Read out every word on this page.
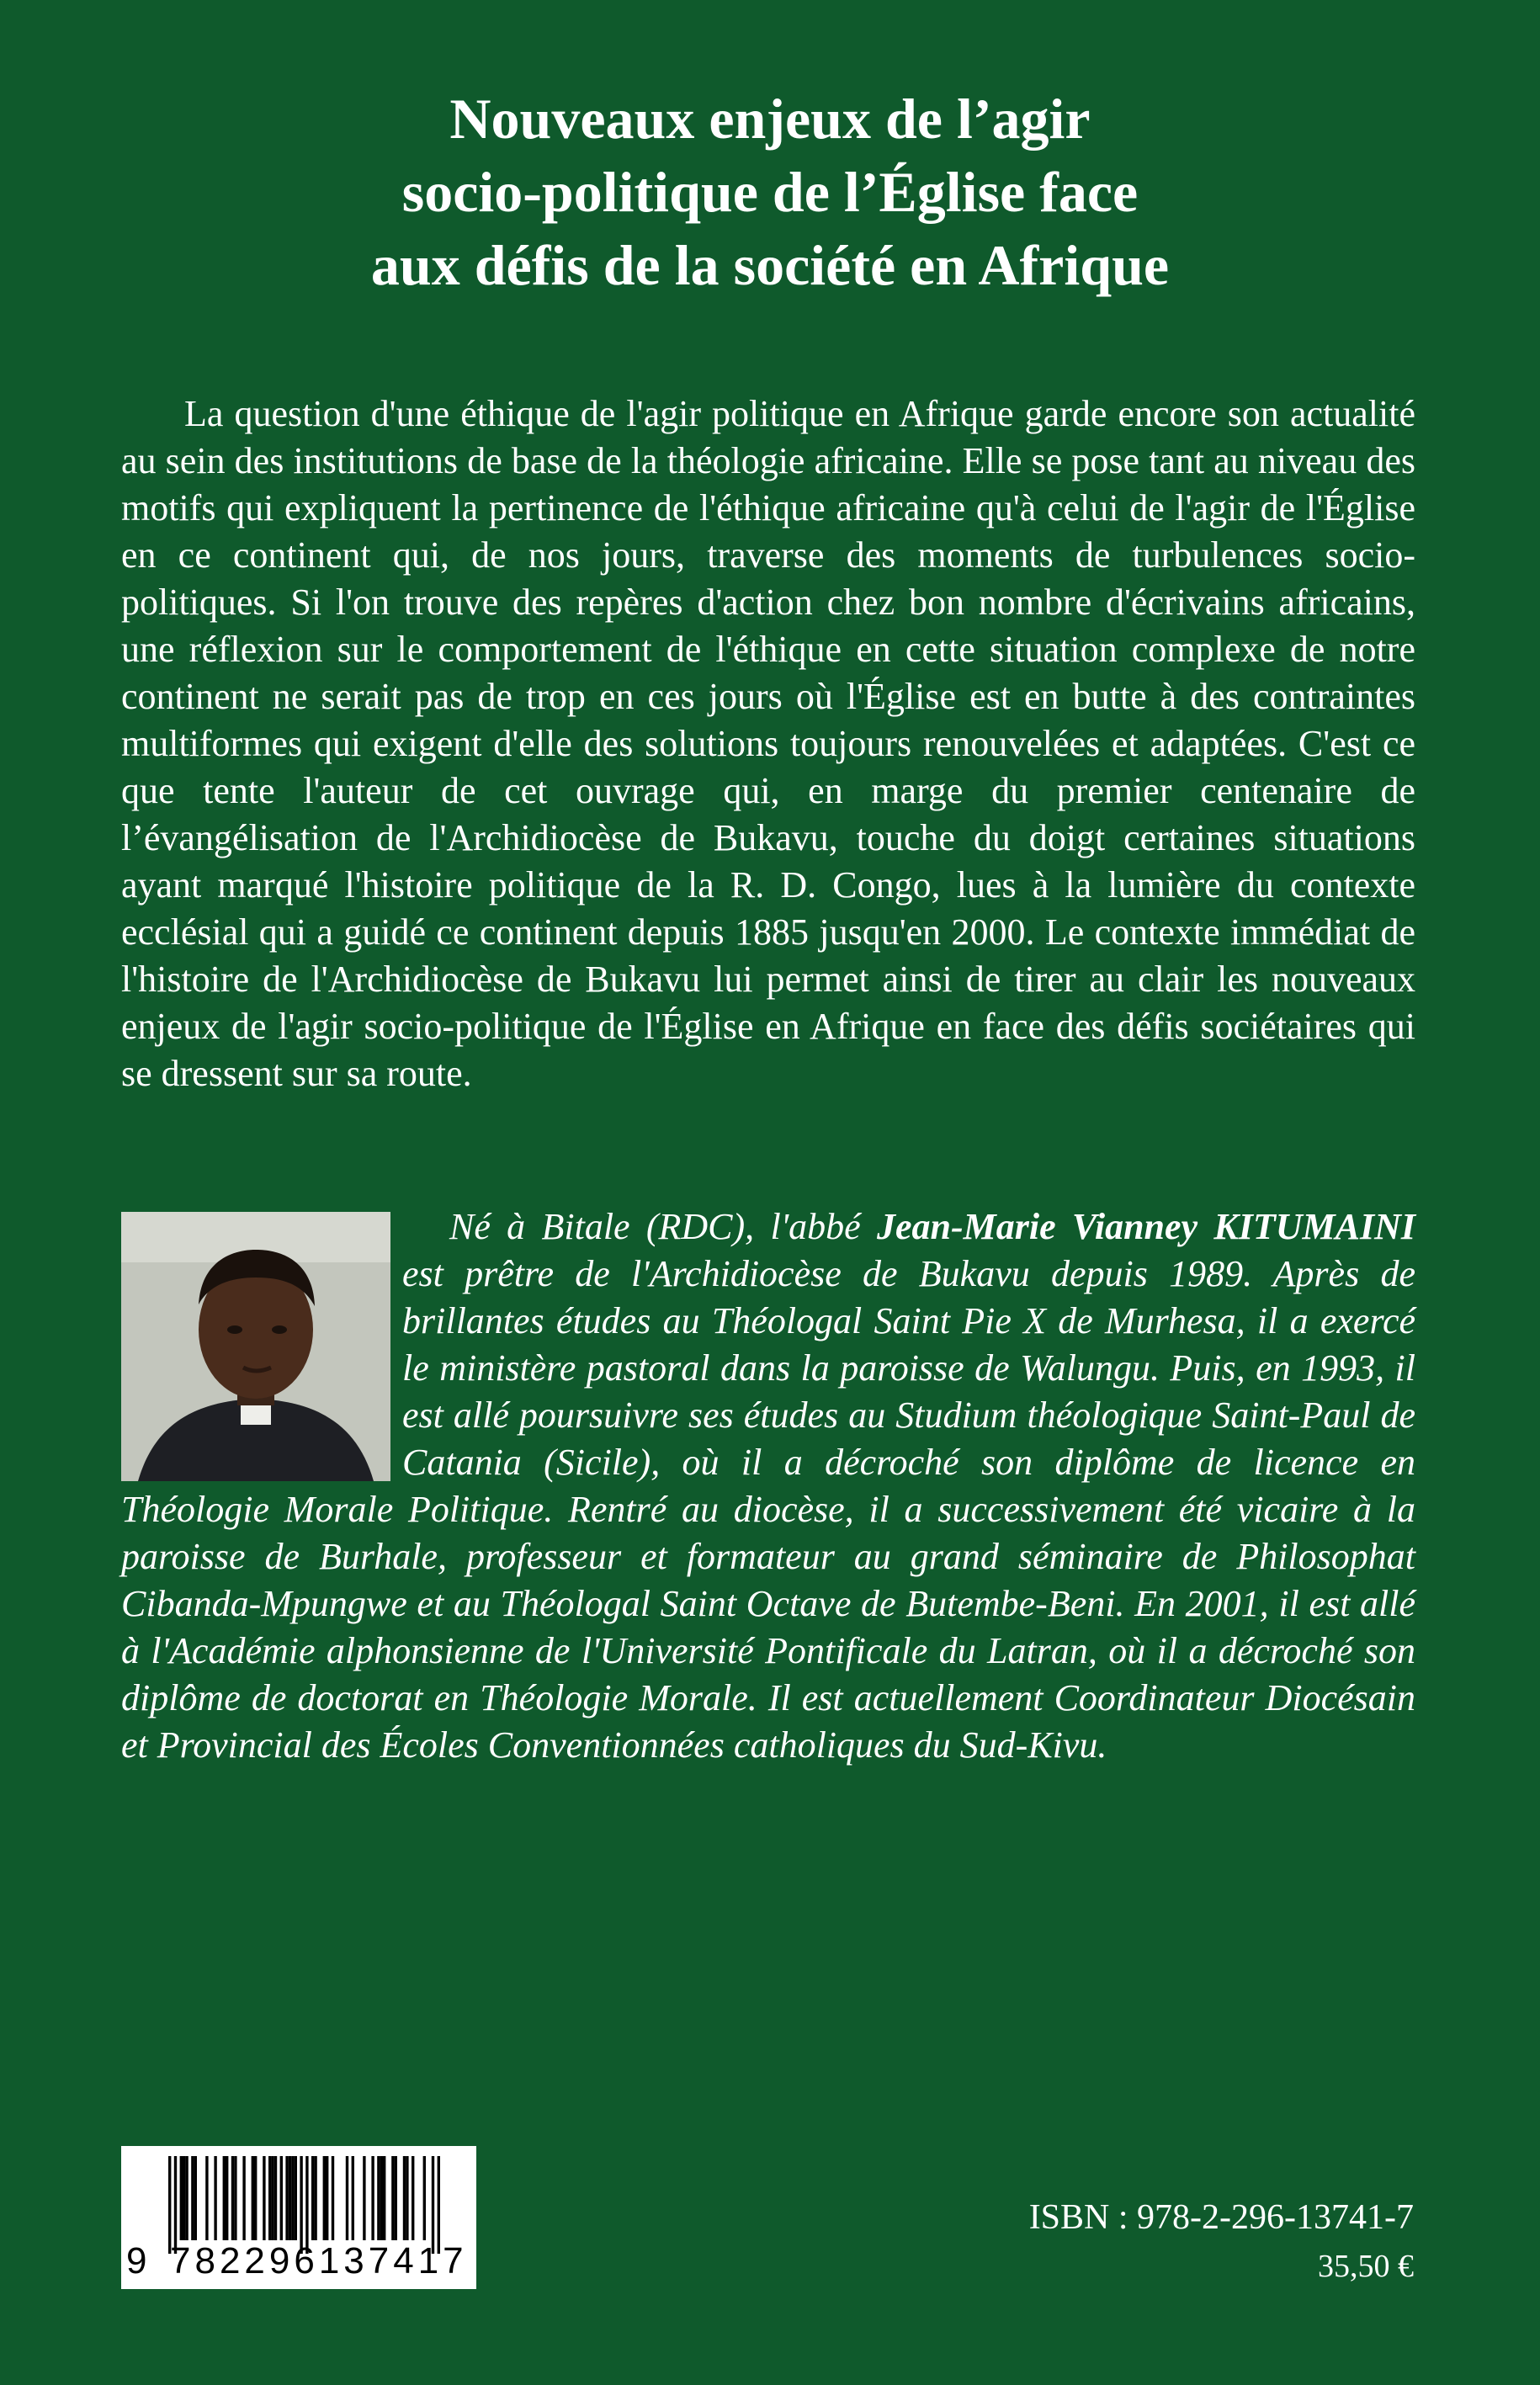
Nouveaux enjeux de l’agir
socio-politique de l’Église face
aux défis de la société en Afrique

La question d'une éthique de l'agir politique en Afrique garde encore son actualité au sein des institutions de base de la théologie africaine. Elle se pose tant au niveau des motifs qui expliquent la pertinence de l'éthique africaine qu'à celui de l'agir de l'Église en ce continent qui, de nos jours, traverse des moments de turbulences socio-politiques. Si l'on trouve des repères d'action chez bon nombre d'écrivains africains, une réflexion sur le comportement de l'éthique en cette situation complexe de notre continent ne serait pas de trop en ces jours où l'Église est en butte à des contraintes multiformes qui exigent d'elle des solutions toujours renouvelées et adaptées. C'est ce que tente l'auteur de cet ouvrage qui, en marge du premier centenaire de l’évangélisation de l'Archidiocèse de Bukavu, touche du doigt certaines situations ayant marqué l'histoire politique de la R. D. Congo, lues à la lumière du contexte ecclésial qui a guidé ce continent depuis 1885 jusqu'en 2000. Le contexte immédiat de l'histoire de l'Archidiocèse de Bukavu lui permet ainsi de tirer au clair les nouveaux enjeux de l'agir socio-politique de l'Église en Afrique en face des défis sociétaires qui se dressent sur sa route.

Né à Bitale (RDC), l'abbé Jean-Marie Vianney KITUMAINI est prêtre de l'Archidiocèse de Bukavu depuis 1989. Après de brillantes études au Théologal Saint Pie X de Murhesa, il a exercé le ministère pastoral dans la paroisse de Walungu. Puis, en 1993, il est allé poursuivre ses études au Studium théologique Saint-Paul de Catania (Sicile), où il a décroché son diplôme de licence en Théologie Morale Politique. Rentré au diocèse, il a successivement été vicaire à la paroisse de Burhale, professeur et formateur au grand séminaire de Philosophat Cibanda-Mpungwe et au Théologal Saint Octave de Butembe-Beni. En 2001, il est allé à l'Académie alphonsienne de l'Université Pontificale du Latran, où il a décroché son diplôme de doctorat en Théologie Morale. Il est actuellement Coordinateur Diocésain et Provincial des Écoles Conventionnées catholiques du Sud-Kivu.

9 782296137417
ISBN : 978-2-296-13741-7
35,50 €
